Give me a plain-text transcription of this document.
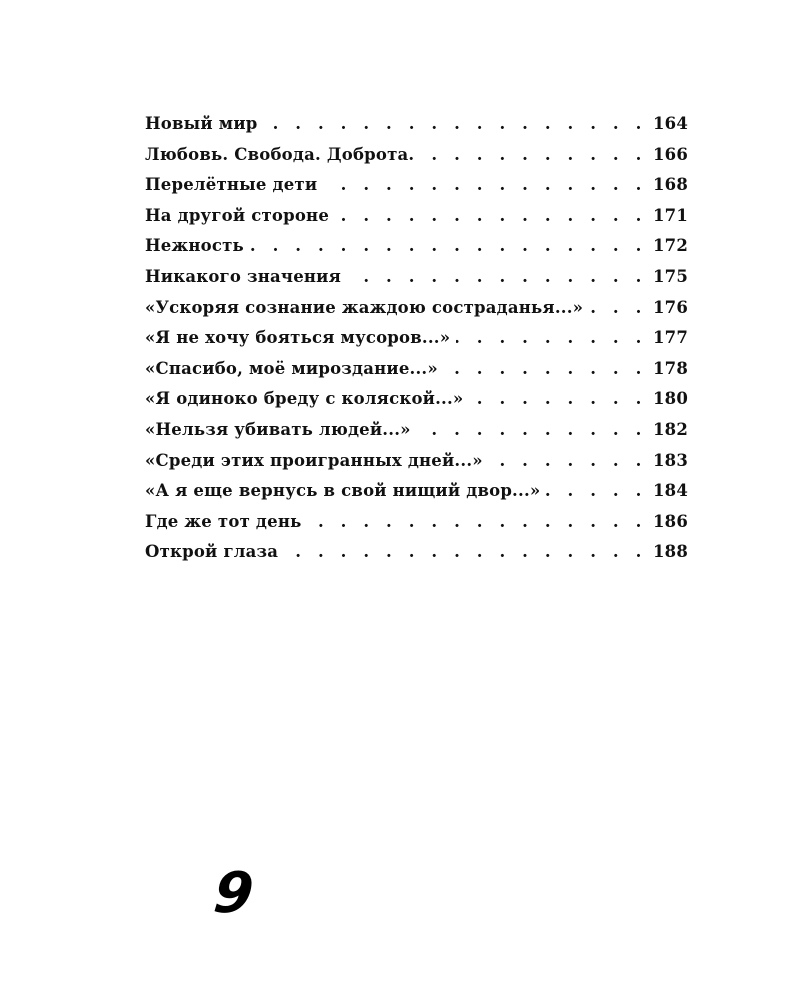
Новый мир . . .	164
Любовь. Свобода. Доброта. . . .	166
Перелётные дети . . .	168
На другой стороне . . .	171
Нежность . . .	172
Никакого значения . . .	175
«Ускоряя сознание жаждою сострaданья...» . . .	176
«Я не хочу бояться мусоров...» . . .	177
«Спасибо, моё мироздание...» . . .	178
«Я одиноко бреду с коляской...» . . .	180
«Нельзя убивать людей...» . . .	182
«Среди этих проигранных дней...» . . .	183
«А я еще вернусь в свой нищий двор...» . . .	184
Где же тот день . . .	186
Открой глаза . . .	188
9
